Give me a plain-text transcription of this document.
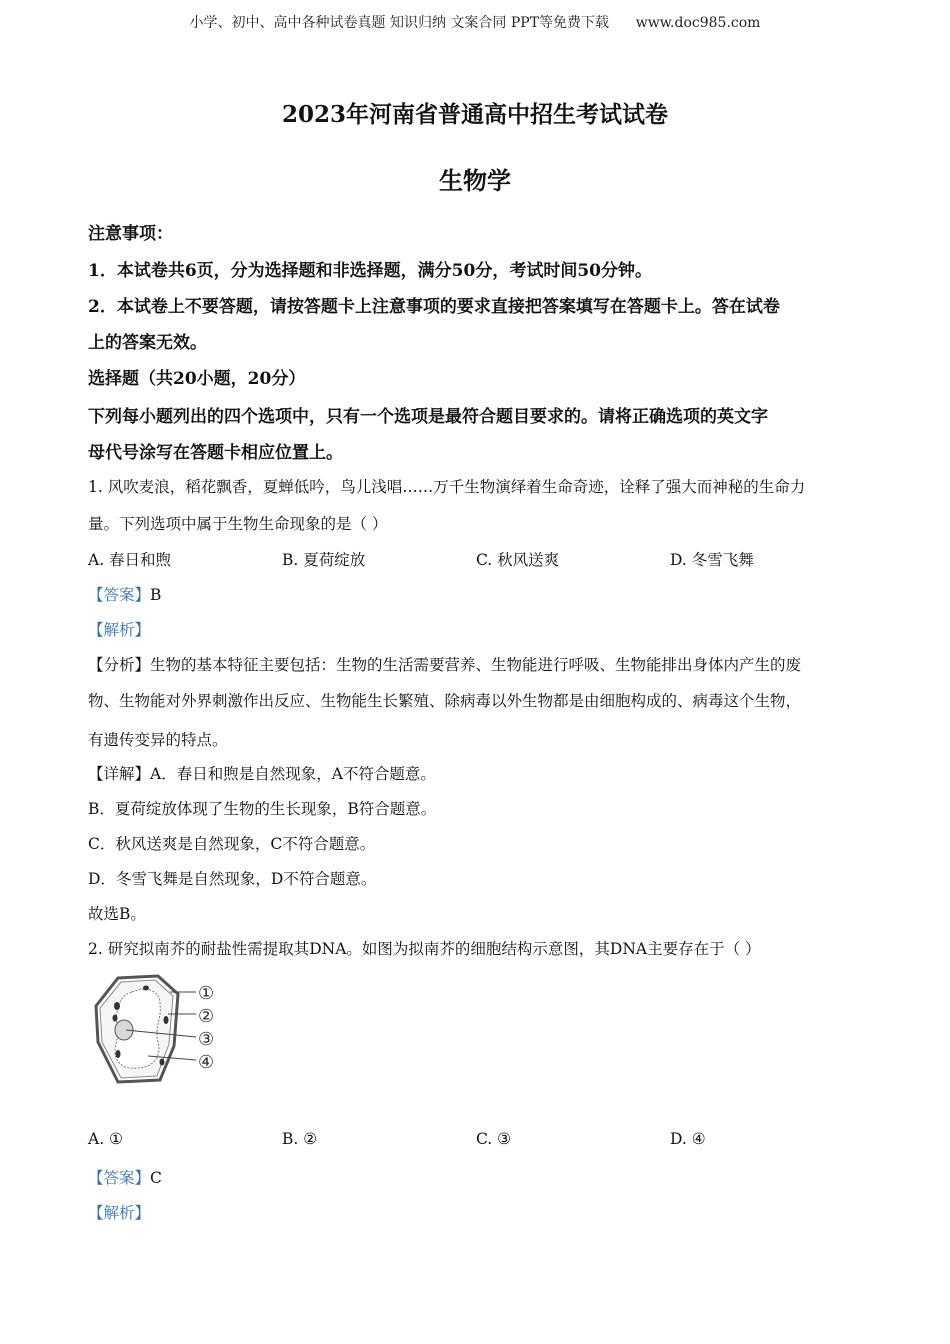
小学、初中、高中各种试卷真题 知识归纳 文案合同 PPT等免费下载 www.doc985.com
2023年河南省普通高中招生考试试卷
生物学
注意事项：
1．本试卷共6页，分为选择题和非选择题，满分50分，考试时间50分钟。
2．本试卷上不要答题，请按答题卡上注意事项的要求直接把答案填写在答题卡上。答在试卷
上的答案无效。
选择题（共20小题，20分）
下列每小题列出的四个选项中，只有一个选项是最符合题目要求的。请将正确选项的英文字
母代号涂写在答题卡相应位置上。
1. 风吹麦浪，稻花飘香，夏蝉低吟，鸟儿浅唱……万千生物演绎着生命奇迹，诠释了强大而神秘的生命力
量。下列选项中属于生物生命现象的是（ ）
A. 春日和煦	B. 夏荷绽放	C. 秋风送爽	D. 冬雪飞舞
【答案】B
【解析】
【分析】生物的基本特征主要包括：生物的生活需要营养、生物能进行呼吸、生物能排出身体内产生的废
物、生物能对外界刺激作出反应、生物能生长繁殖、除病毒以外生物都是由细胞构成的、病毒这个生物，
有遗传变异的特点。
【详解】A．春日和煦是自然现象，A不符合题意。
B．夏荷绽放体现了生物的生长现象，B符合题意。
C．秋风送爽是自然现象，C不符合题意。
D．冬雪飞舞是自然现象，D不符合题意。
故选B。
2. 研究拟南芥的耐盐性需提取其DNA。如图为拟南芥的细胞结构示意图，其DNA主要存在于（ ）
①
②
③
④
A. ①	B. ②	C. ③	D. ④
【答案】C
【解析】
